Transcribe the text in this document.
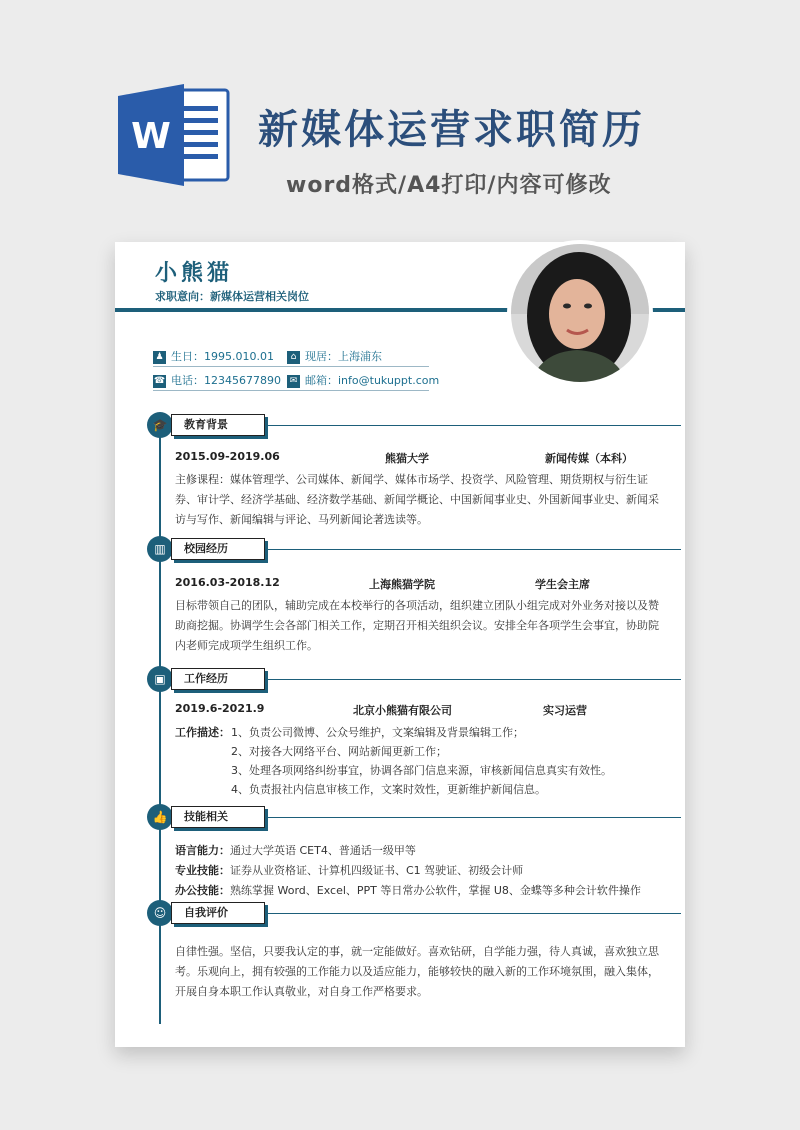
W 新媒体运营求职简历
word格式/A4打印/内容可修改
小熊猫
求职意向：新媒体运营相关岗位
♟ 生日：1995.010.01	⌂ 现居：上海浦东
☎ 电话：12345677890 ✉ 邮箱：info@tukuppt.com
🎓	教育背景
2015.09-2019.06	熊猫大学	新闻传媒（本科）

主修课程：媒体管理学、公司媒体、新闻学、媒体市场学、投资学、风险管理、期货期权与衍生证券、审计学、经济学基础、经济数学基础、新闻学概论、中国新闻事业史、外国新闻事业史、新闻采访与写作、新闻编辑与评论、马列新闻论著选读等。

▥	校园经历
2016.03-2018.12	上海熊猫学院	学生会主席

目标带领自己的团队，辅助完成在本校举行的各项活动，组织建立团队小组完成对外业务对接以及赞助商挖掘。协调学生会各部门相关工作，定期召开相关组织会议。安排全年各项学生会事宜，协助院内老师完成项学生组织工作。

▣	工作经历
2019.6-2021.9	北京小熊猫有限公司	实习运营
工作描述： 1、负责公司微博、公众号维护，文案编辑及背景编辑工作；
2、对接各大网络平台、网站新闻更新工作；
3、处理各项网络纠纷事宜，协调各部门信息来源，审核新闻信息真实有效性。
4、负责报社内信息审核工作，文案时效性，更新维护新闻信息。
👍	技能相关
语言能力：通过大学英语 CET4、普通话一级甲等
专业技能：证券从业资格证、计算机四级证书、C1 驾驶证、初级会计师
办公技能：熟练掌握 Word、Excel、PPT 等日常办公软件，掌握 U8、金蝶等多种会计软件操作
☺	自我评价

自律性强。坚信，只要我认定的事，就一定能做好。喜欢钻研，自学能力强，待人真诚，喜欢独立思考。乐观向上，拥有较强的工作能力以及适应能力，能够较快的融入新的工作环境氛围，融入集体，开展自身本职工作认真敬业，对自身工作严格要求。
